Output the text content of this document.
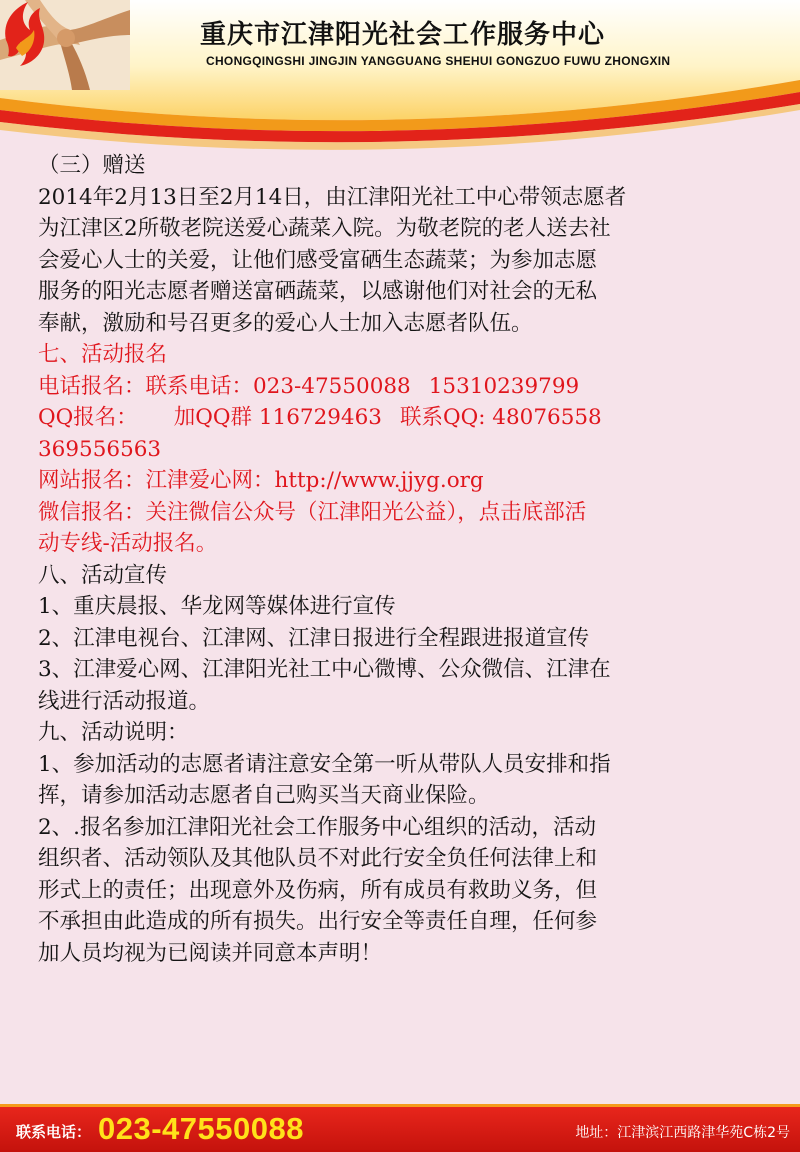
重庆市江津阳光社会工作服务中心
CHONGQINGSHI JINGJIN YANGGUANG SHEHUI GONGZUO FUWU ZHONGXIN

（三）赠送

2014年2月13日至2月14日，由江津阳光社工中心带领志愿者

为江津区2所敬老院送爱心蔬菜入院。为敬老院的老人送去社

会爱心人士的关爱，让他们感受富硒生态蔬菜；为参加志愿

服务的阳光志愿者赠送富硒蔬菜，以感谢他们对社会的无私

奉献，激励和号召更多的爱心人士加入志愿者队伍。

七、活动报名

电话报名：联系电话：023-47550088 15310239799

QQ报名： 加QQ群 116729463 联系QQ: 48076558

369556563

网站报名：江津爱心网：http://www.jjyg.org

微信报名：关注微信公众号（江津阳光公益），点击底部活

动专线-活动报名。

八、活动宣传

1、重庆晨报、华龙网等媒体进行宣传

2、江津电视台、江津网、江津日报进行全程跟进报道宣传

3、江津爱心网、江津阳光社工中心微博、公众微信、江津在

线进行活动报道。

九、活动说明：

1、参加活动的志愿者请注意安全第一听从带队人员安排和指

挥，请参加活动志愿者自己购买当天商业保险。

2、.报名参加江津阳光社会工作服务中心组织的活动，活动

组织者、活动领队及其他队员不对此行安全负任何法律上和

形式上的责任；出现意外及伤病，所有成员有救助义务，但

不承担由此造成的所有损失。出行安全等责任自理，任何参

加人员均视为已阅读并同意本声明！

联系电话： 023-47550088	地址：江津滨江西路津华苑C栋2号
